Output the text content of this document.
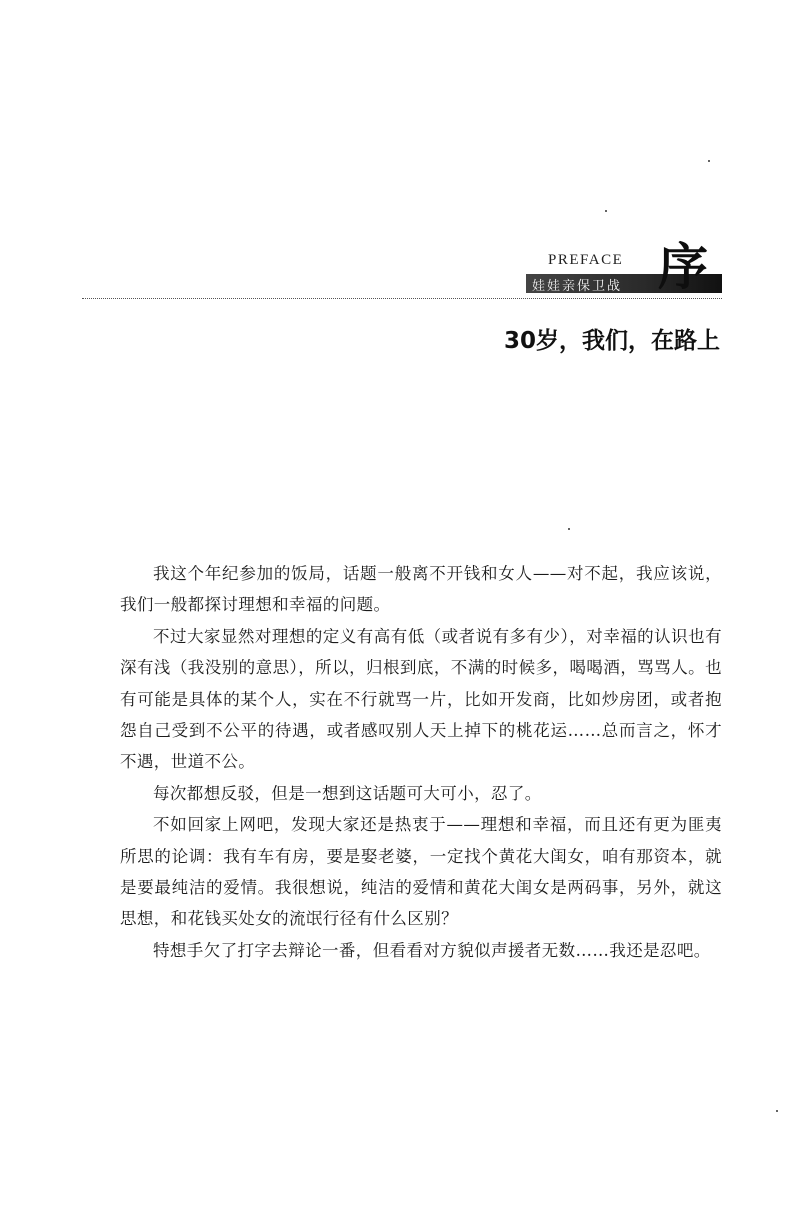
PREFACE
娃娃亲保卫战 序
30岁，我们，在路上

我这个年纪参加的饭局，话题一般离不开钱和女人——对不起，我应该说，我们一般都探讨理想和幸福的问题。

不过大家显然对理想的定义有高有低（或者说有多有少），对幸福的认识也有深有浅（我没别的意思），所以，归根到底，不满的时候多，喝喝酒，骂骂人。也有可能是具体的某个人，实在不行就骂一片，比如开发商，比如炒房团，或者抱怨自己受到不公平的待遇，或者感叹别人天上掉下的桃花运……总而言之，怀才不遇，世道不公。

每次都想反驳，但是一想到这话题可大可小，忍了。

不如回家上网吧，发现大家还是热衷于——理想和幸福，而且还有更为匪夷所思的论调：我有车有房，要是娶老婆，一定找个黄花大闺女，咱有那资本，就是要最纯洁的爱情。我很想说，纯洁的爱情和黄花大闺女是两码事，另外，就这思想，和花钱买处女的流氓行径有什么区别？

特想手欠了打字去辩论一番，但看看对方貌似声援者无数……我还是忍吧。
